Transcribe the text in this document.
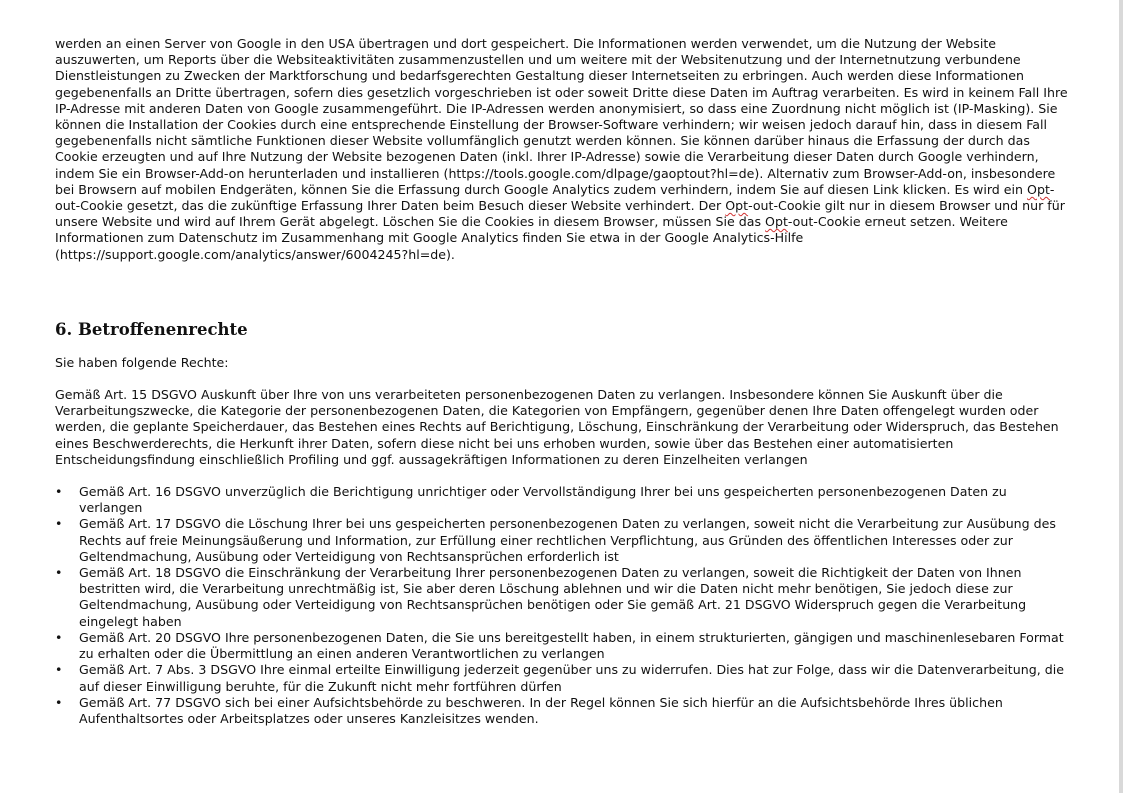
werden an einen Server von Google in den USA übertragen und dort gespeichert. Die Informationen werden verwendet, um die Nutzung der Website auszuwerten, um Reports über die Websiteaktivitäten zusammenzustellen und um weitere mit der Websitenutzung und der Internetnutzung verbundene Dienstleistungen zu Zwecken der Marktforschung und bedarfsgerechten Gestaltung dieser Internetseiten zu erbringen. Auch werden diese Informationen gegebenenfalls an Dritte übertragen, sofern dies gesetzlich vorgeschrieben ist oder soweit Dritte diese Daten im Auftrag verarbeiten. Es wird in keinem Fall Ihre IP-Adresse mit anderen Daten von Google zusammengeführt. Die IP-Adressen werden anonymisiert, so dass eine Zuordnung nicht möglich ist (IP-Masking). Sie können die Installation der Cookies durch eine entsprechende Einstellung der Browser-Software verhindern; wir weisen jedoch darauf hin, dass in diesem Fall gegebenenfalls nicht sämtliche Funktionen dieser Website vollumfänglich genutzt werden können. Sie können darüber hinaus die Erfassung der durch das Cookie erzeugten und auf Ihre Nutzung der Website bezogenen Daten (inkl. Ihrer IP-Adresse) sowie die Verarbeitung dieser Daten durch Google verhindern, indem Sie ein Browser-Add-on herunterladen und installieren (https://tools.google.com/dlpage/gaoptout?hl=de). Alternativ zum Browser-Add-on, insbesondere bei Browsern auf mobilen Endgeräten, können Sie die Erfassung durch Google Analytics zudem verhindern, indem Sie auf diesen Link klicken. Es wird ein Opt-out-Cookie gesetzt, das die zukünftige Erfassung Ihrer Daten beim Besuch dieser Website verhindert. Der Opt-out-Cookie gilt nur in diesem Browser und nur für unsere Website und wird auf Ihrem Gerät abgelegt. Löschen Sie die Cookies in diesem Browser, müssen Sie das Opt-out-Cookie erneut setzen. Weitere Informationen zum Datenschutz im Zusammenhang mit Google Analytics finden Sie etwa in der Google Analytics-Hilfe (https://support.google.com/analytics/answer/6004245?hl=de).

6. Betroffenenrechte

Sie haben folgende Rechte:

Gemäß Art. 15 DSGVO Auskunft über Ihre von uns verarbeiteten personenbezogenen Daten zu verlangen. Insbesondere können Sie Auskunft über die Verarbeitungszwecke, die Kategorie der personenbezogenen Daten, die Kategorien von Empfängern, gegenüber denen Ihre Daten offengelegt wurden oder werden, die geplante Speicherdauer, das Bestehen eines Rechts auf Berichtigung, Löschung, Einschränkung der Verarbeitung oder Widerspruch, das Bestehen eines Beschwerderechts, die Herkunft ihrer Daten, sofern diese nicht bei uns erhoben wurden, sowie über das Bestehen einer automatisierten Entscheidungsfindung einschließlich Profiling und ggf. aussagekräftigen Informationen zu deren Einzelheiten verlangen

•	Gemäß Art. 16 DSGVO unverzüglich die Berichtigung unrichtiger oder Vervollständigung Ihrer bei uns gespeicherten personenbezogenen Daten zu verlangen
•	Gemäß Art. 17 DSGVO die Löschung Ihrer bei uns gespeicherten personenbezogenen Daten zu verlangen, soweit nicht die Verarbeitung zur Ausübung des Rechts auf freie Meinungsäußerung und Information, zur Erfüllung einer rechtlichen Verpflichtung, aus Gründen des öffentlichen Interesses oder zur Geltendmachung, Ausübung oder Verteidigung von Rechtsansprüchen erforderlich ist
•	Gemäß Art. 18 DSGVO die Einschränkung der Verarbeitung Ihrer personenbezogenen Daten zu verlangen, soweit die Richtigkeit der Daten von Ihnen bestritten wird, die Verarbeitung unrechtmäßig ist, Sie aber deren Löschung ablehnen und wir die Daten nicht mehr benötigen, Sie jedoch diese zur Geltendmachung, Ausübung oder Verteidigung von Rechtsansprüchen benötigen oder Sie gemäß Art. 21 DSGVO Widerspruch gegen die Verarbeitung eingelegt haben
•	Gemäß Art. 20 DSGVO Ihre personenbezogenen Daten, die Sie uns bereitgestellt haben, in einem strukturierten, gängigen und maschinenlesebaren Format zu erhalten oder die Übermittlung an einen anderen Verantwortlichen zu verlangen
•	Gemäß Art. 7 Abs. 3 DSGVO Ihre einmal erteilte Einwilligung jederzeit gegenüber uns zu widerrufen. Dies hat zur Folge, dass wir die Datenverarbeitung, die auf dieser Einwilligung beruhte, für die Zukunft nicht mehr fortführen dürfen
•	Gemäß Art. 77 DSGVO sich bei einer Aufsichtsbehörde zu beschweren. In der Regel können Sie sich hierfür an die Aufsichtsbehörde Ihres üblichen Aufenthaltsortes oder Arbeitsplatzes oder unseres Kanzleisitzes wenden.
